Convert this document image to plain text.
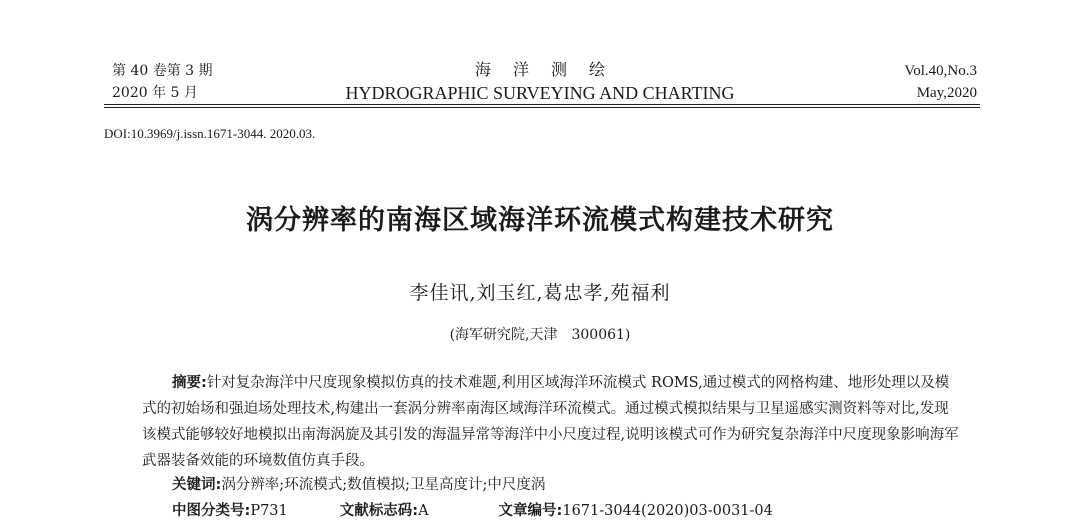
第 40 卷第 3 期
2020 年 5 月
海洋测绘
HYDROGRAPHIC SURVEYING AND CHARTING
Vol.40,No.3
May,2020
DOI:10.3969/j.issn.1671-3044. 2020.03.
涡分辨率的南海区域海洋环流模式构建技术研究
李佳讯,刘玉红,葛忠孝,苑福利
(海军研究院,天津　300061)
摘要:针对复杂海洋中尺度现象模拟仿真的技术难题,利用区域海洋环流模式 ROMS,通过模式的网格构建、地形处理以及模式的初始场和强迫场处理技术,构建出一套涡分辨率南海区域海洋环流模式。通过模式模拟结果与卫星遥感实测资料等对比,发现该模式能够较好地模拟出南海涡旋及其引发的海温异常等海洋中小尺度过程,说明该模式可作为研究复杂海洋中尺度现象影响海军武器装备效能的环境数值仿真手段。
关键词:涡分辨率;环流模式;数值模拟;卫星高度计;中尺度涡
中图分类号:P731	文献标志码:A	文章编号:1671-3044(2020)03-0031-04
